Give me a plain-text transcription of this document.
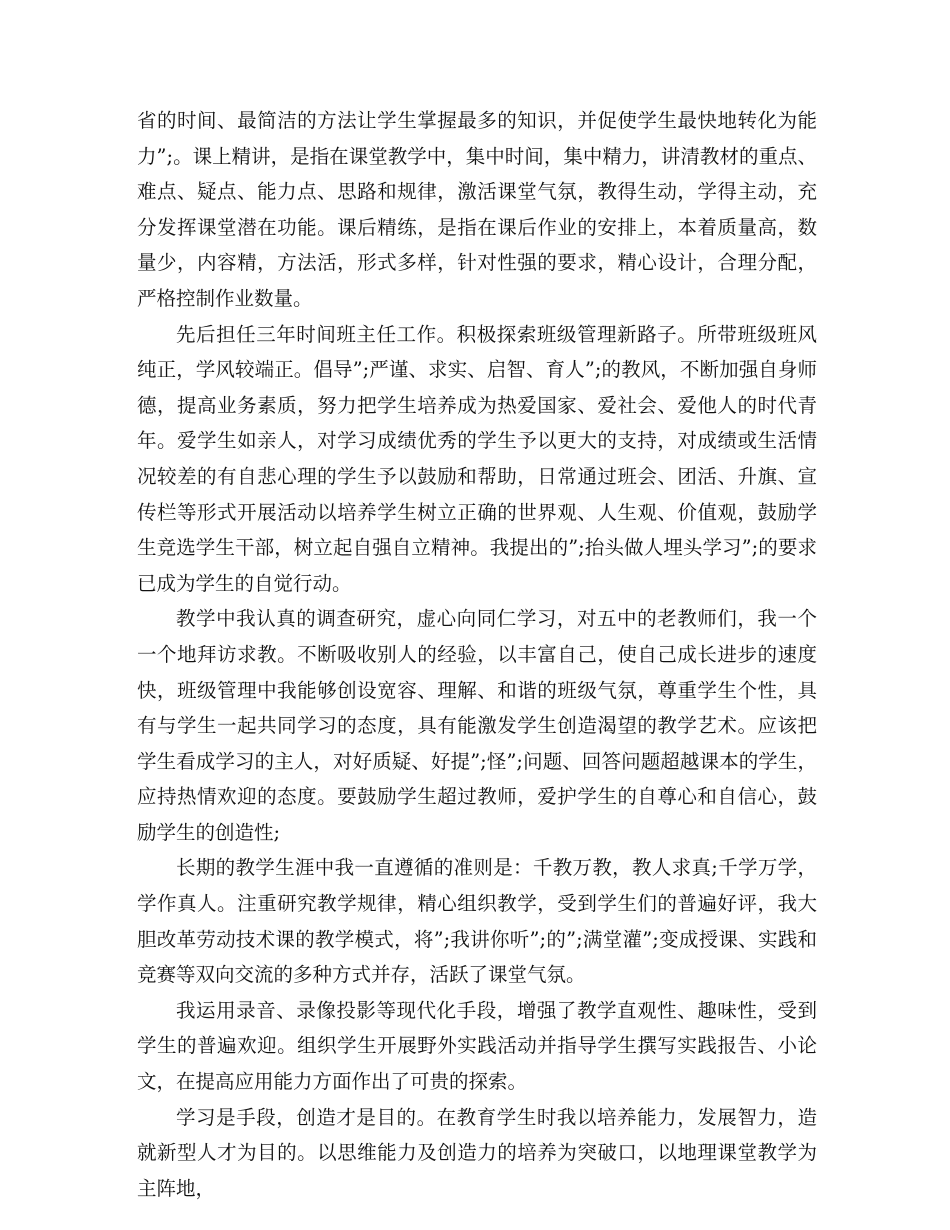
省的时间、最简洁的方法让学生掌握最多的知识，并促使学生最快地转化为能力”;。课上精讲，是指在课堂教学中，集中时间，集中精力，讲清教材的重点、难点、疑点、能力点、思路和规律，激活课堂气氛，教得生动，学得主动，充分发挥课堂潜在功能。课后精练，是指在课后作业的安排上，本着质量高，数量少，内容精，方法活，形式多样，针对性强的要求，精心设计，合理分配，严格控制作业数量。

先后担任三年时间班主任工作。积极探索班级管理新路子。所带班级班风纯正，学风较端正。倡导”;严谨、求实、启智、育人”;的教风，不断加强自身师德，提高业务素质，努力把学生培养成为热爱国家、爱社会、爱他人的时代青年。爱学生如亲人，对学习成绩优秀的学生予以更大的支持，对成绩或生活情况较差的有自悲心理的学生予以鼓励和帮助，日常通过班会、团活、升旗、宣传栏等形式开展活动以培养学生树立正确的世界观、人生观、价值观，鼓励学生竞选学生干部，树立起自强自立精神。我提出的”;抬头做人埋头学习”;的要求已成为学生的自觉行动。

教学中我认真的调查研究，虚心向同仁学习，对五中的老教师们，我一个一个地拜访求教。不断吸收别人的经验，以丰富自己，使自己成长进步的速度快，班级管理中我能够创设宽容、理解、和谐的班级气氛，尊重学生个性，具有与学生一起共同学习的态度，具有能激发学生创造渴望的教学艺术。应该把学生看成学习的主人，对好质疑、好提”;怪”;问题、回答问题超越课本的学生，应持热情欢迎的态度。要鼓励学生超过教师，爱护学生的自尊心和自信心，鼓励学生的创造性;

长期的教学生涯中我一直遵循的准则是：千教万教，教人求真;千学万学，学作真人。注重研究教学规律，精心组织教学，受到学生们的普遍好评，我大胆改革劳动技术课的教学模式，将”;我讲你听”;的”;满堂灌”;变成授课、实践和竞赛等双向交流的多种方式并存，活跃了课堂气氛。

我运用录音、录像投影等现代化手段，增强了教学直观性、趣味性，受到学生的普遍欢迎。组织学生开展野外实践活动并指导学生撰写实践报告、小论文，在提高应用能力方面作出了可贵的探索。

学习是手段，创造才是目的。在教育学生时我以培养能力，发展智力，造就新型人才为目的。以思维能力及创造力的培养为突破口，以地理课堂教学为主阵地，
